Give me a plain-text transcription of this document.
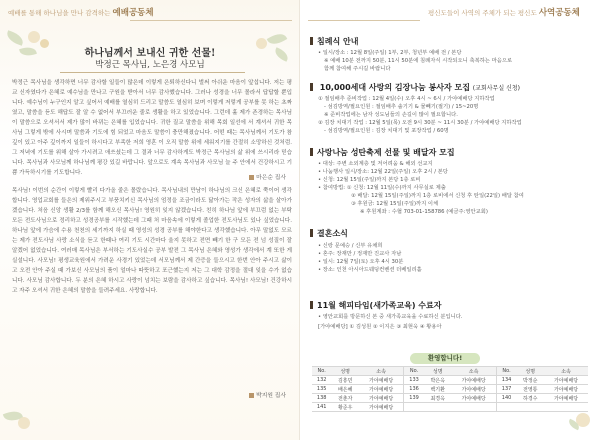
예배를 통해 하나님을 만나 감격하는 예배공동체
하나님께서 보내신 귀한 선물!
박정근 목사님, 노은경 사모님

박정근 목사님을 생각하면 너무 감사할 일들이 많은데 이렇게 은퇴하신다니 벌써 아쉬운 마음이 앞섭니다. 저는 평교 신자였다가 은혜로 예수님을 만나고 구원을 받아서 너무 감사했습니다. 그러나 성경을 너무 몰라서 답답할 뿐입니다. 예수님이 누구인지 알고 싶어서 예배를 열심히 드리고 말씀도 열심히 보며 이렇게 저렇게 공부를 못 하는 초짜였고, 말씀을 듣도 해답도 잘 알 수 없어서 부끄러운 줄로 생활을 하고 있었습니다. 그런데 훌 제가 존경하는 목사님이 말씀으로 오셔서서 제가 많이 바뀌는 은혜를 입었습니다. 귀한 질교 말씀을 위해 목회 일선에 서 계셔서 귀한 목사님 그렇게 밖에 사시며 말씀과 기도에 힘 되었고 마음도 말씀이 충만해졌습니다. 어떤 때는 목사님께서 기도가 참 깊이 있고 아주 깊이까지 일들이 하시다고 부족한 저희 영혼 이 오직 말씀 위에 세워지기를 간절히 소망하신 것처럼. 그 저녁에 기도를 위해 살아 가시려고 애쓰셨는데 그 결과 너무 감사하게도 박정근 목사님의 삶 위에 쓰시리라 믿습니다. 목사님과 사모님께 하나님께 평강 있길 바랍니다. 앞으로도 계속 목사님과 사모님 늘 주 안에서 건강하시고 기쁨 가득하시기를 기도합니다.

마은순 집사

목사님! 이번의 순간이 이렇게 빨리 다가올 줄은 몰랐습니다. 목사님내의 만남이 하나님의 크신 은혜로 쭉이어 생각합니다. 영업교회를 들은의 제위주시고 부풍치키신 목사님의 엄정을 조금이라도 닮아가는 작은 성자의 삶을 살아가겠습니다. 처음 신앙 생활 2/3를 함께 해오신 목사님! 영원히 잊지 않겠습니다. 친히 하나님 앞에 부끄럼 없는 부탁 모든 전도사님으로 정리하고 성경공부를 시작했는데 그때 처 마음속에 이렇게 졸업한 전도사님도 있나 싶었습니다. 하나님 앞에 가슴에 수용 천천의 세기까지 하실 때 영성의 성경 공부를 해야한다고 생각했습니다. 아무 말없도 모르는 제가 전도사님 사랑 소식을 듣고 한때나 여리 기도 시간마다 울지 못하고 전면 빼기 한 구 모든 전 넘 성질이 잘 알겠어 없었습니다. 여러매 목사님은 부서하는 기도사실수 공부 발전 그 목사님 은혜와 영성가 생각에서 계 또한 게 실설니다. 사모님! 평생교육원에서 가려운 사경기 있었는데 서모님께서 제 간증을 들으시고 한번 안아 주시고 삶이고 오전 안아 주실 때 가보신 사모님의 품이 얼마나 따뜻하고 포근했는지 저는 그 대학 감정을 절대 잊을 수가 없습니다. 사모님 감사합니다. 두 분의 은혜 하시고 사랑이 넘치는 보람을 감사하고 싶습니다. 목사님! 사모님! 건강하시고 자주 오셔서 귀한 은혜의 말씀을 들려주세요. 사랑합니다.

박지원 집사
평신도들이 사역의 주체가 되는 평신도 사역공동체
침례식 안내
• 일시/장소 : 12월 8일(주일) 1부, 2부, 청년부 예배 전 / 본당
※ 예배 10분 전까지 50분, 11시 50분에 침례자식 시작되오니 축복하는 마음으로
함께 참여해 주시길 바랍니다
10,000세대 사랑의 김장나눔 봉사자 모집 (교회사무실 신청)
① 절임배추 준비작업 : 12월 4일(수) 오후 4시 ~ 6시 / 가야예배당 지하작업
- 섬김방역/필요인원 : 절임배추 솔기기 & 물빼기(절기) / 15~20명
※ 준비작업에는 남자 성도님들의 손길이 많이 필요합니다.
② 김장 치대기 작업 : 12월 5일(목) 오전 9시 30분 ~ 11시 30분 / 가야예배당 지하작업
- 섬김방역/필요인원 : 김장 치대기 및 포장작업 / 60명
사랑나눔 성탄축제 선물 및 배달자 모집
• 대상: 주변 소외계층 및 저어려움 & 해외 선교지
• 나눔행사 일시/장소: 12월 22일(주일) 오후 2시 / 본당
• 신청: 12월 15일(주일)까지 본당 1층 로비
• 참여방법: ① 신청: 12월 11일(수)까지 사무실로 제출
② 배달: 12월 15일(주일)까지 1층 로비에서 신청 후 탄일(22일) 배달 참여
③ 후원금: 12월 15일(주일)까지 이체
※ 후원계좌 : 수협 703-01-158786 (예금주:영안교회)
결혼소식
• 신랑 문예승 / 신부 유채희
• 혼주: 장재만 / 정재만 진교사 자남
• 일시: 12월 7일(토) 오후 4시 30분
• 장소: 인천 아시아드웨딩컨벤션 더베일리홀
11월 해피타임(새가족교육) 수료자
• 영안교회를 방문하신 본 중 새가족교육을 수료하신 분입니다.
[가야예배당] ① 김성원 ② 이지은 ③ 최현욱 ④ 황용아
환영합니다!
No.	성명	소속	No.	성명	소속	No.	성명	소속
132	김흥민	가야예배당	133	박은옥	가야예배당	134	박정순	가야예배당
135	배은혜	가야예배당	136	백기환	가야예배당	137	전영통	가야예배당
138	전춘자	가야예배당	139	최경옥	가야예배당	140	하경수	가야예배당
141	황준우	가야예배당						
